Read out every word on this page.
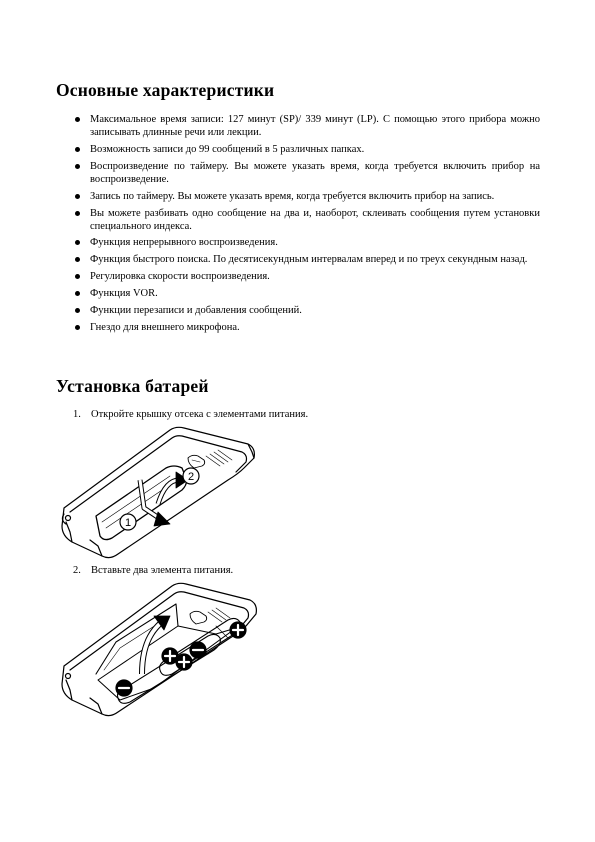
Основные характеристики
Максимальное время записи: 127 минут (SP)/ 339 минут (LP). С помощью этого прибора можно записывать длинные речи или лекции.
Возможность записи до 99 сообщений в 5 различных папках.
Воспроизведение по таймеру. Вы можете указать время, когда требуется включить прибор на воспроизведение.
Запись по таймеру. Вы можете указать время, когда требуется включить прибор на запись.
Вы можете разбивать одно сообщение на два и, наоборот, склеивать сообщения путем установки специального индекса.
Функция непрерывного воспроизведения.
Функция быстрого поиска. По десятисекундным интервалам вперед и по треух секундным назад.
Регулировка скорости воспроизведения.
Функция VOR.
Функции перезаписи и добавления сообщений.
Гнездо для внешнего микрофона.
Установка батарей
1. Откройте крышку отсека с элементами питания.
1
2
2. Вставьте два элемента питания.
